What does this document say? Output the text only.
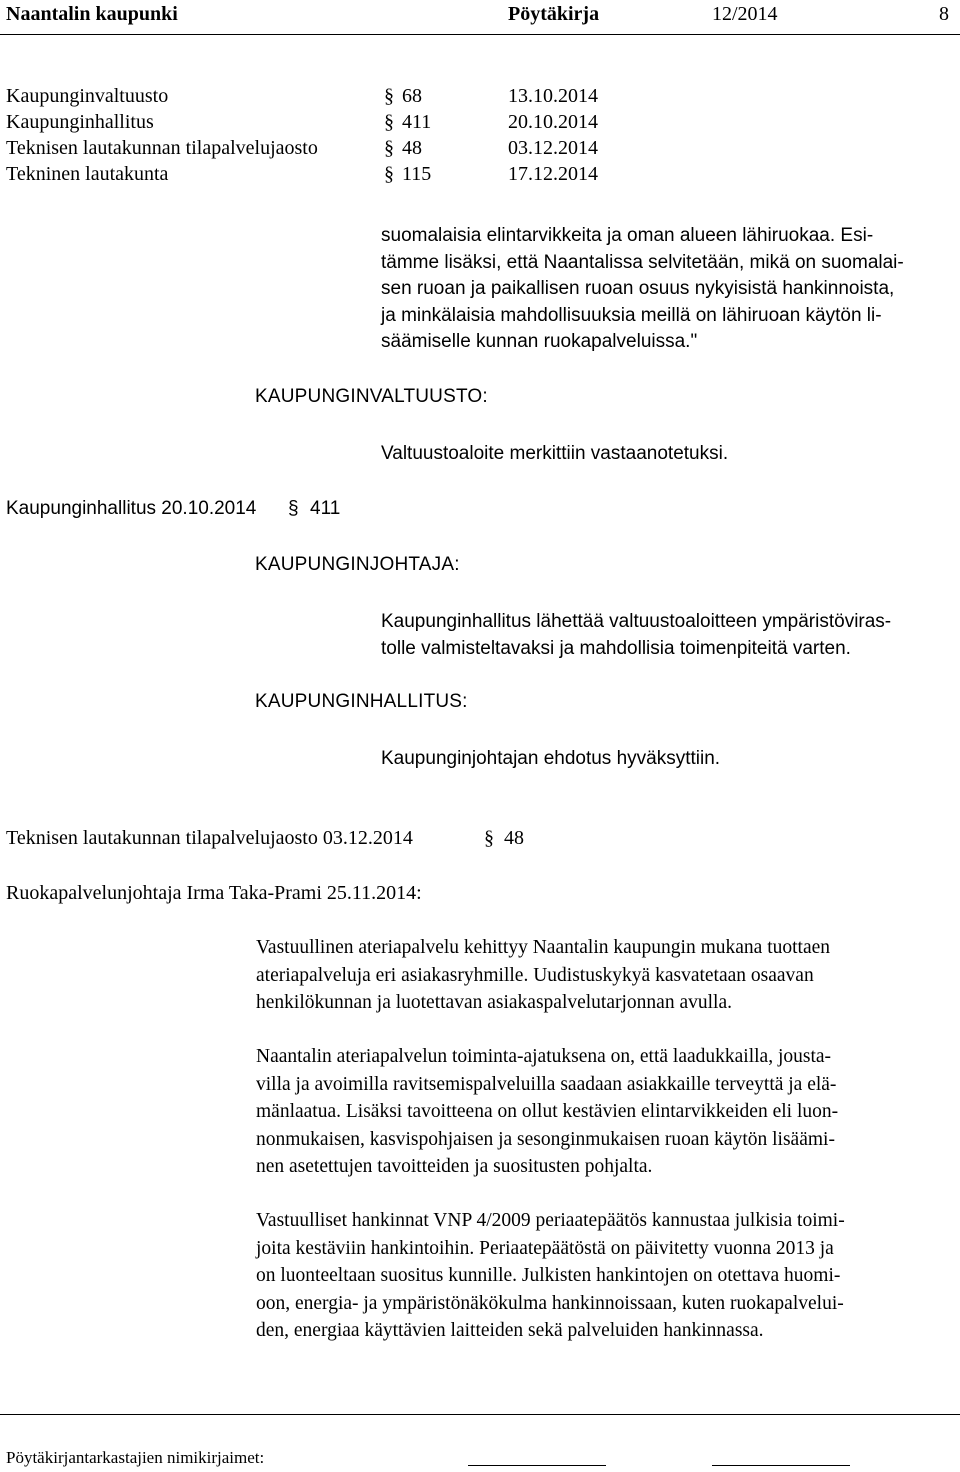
Naantalin kaupunki	Pöytäkirja	12/2014	8
Kaupunginvaltuusto	§ 68	13.10.2014
Kaupunginhallitus	§ 411	20.10.2014
Teknisen lautakunnan tilapalvelujaosto	§ 48	03.12.2014
Tekninen lautakunta	§ 115	17.12.2014
suomalaisia elintarvikkeita ja oman alueen lähiruokaa. Esi-
tämme lisäksi, että Naantalissa selvitetään, mikä on suomalai-
sen ruoan ja paikallisen ruoan osuus nykyisistä hankinnoista,
ja minkälaisia mahdollisuuksia meillä on lähiruoan käytön li-
säämiselle kunnan ruokapalveluissa."
KAUPUNGINVALTUUSTO:
Valtuustoaloite merkittiin vastaanotetuksi.
Kaupunginhallitus 20.10.2014 § 411
KAUPUNGINJOHTAJA:
Kaupunginhallitus lähettää valtuustoaloitteen ympäristöviras-
tolle valmisteltavaksi ja mahdollisia toimenpiteitä varten.
KAUPUNGINHALLITUS:
Kaupunginjohtajan ehdotus hyväksyttiin.
Teknisen lautakunnan tilapalvelujaosto 03.12.2014	§ 48
Ruokapalvelunjohtaja Irma Taka-Prami 25.11.2014:
Vastuullinen ateriapalvelu kehittyy Naantalin kaupungin mukana tuottaen
ateriapalveluja eri asiakasryhmille. Uudistuskykyä kasvatetaan osaavan
henkilökunnan ja luotettavan asiakaspalvelutarjonnan avulla.
Naantalin ateriapalvelun toiminta-ajatuksena on, että laadukkailla, jousta-
villa ja avoimilla ravitsemispalveluilla saadaan asiakkaille terveyttä ja elä-
mänlaatua. Lisäksi tavoitteena on ollut kestävien elintarvikkeiden eli luon-
nonmukaisen, kasvispohjaisen ja sesonginmukaisen ruoan käytön lisäämi-
nen asetettujen tavoitteiden ja suositusten pohjalta.
Vastuulliset hankinnat VNP 4/2009 periaatepäätös kannustaa julkisia toimi-
joita kestäviin hankintoihin. Periaatepäätöstä on päivitetty vuonna 2013 ja
on luonteeltaan suositus kunnille. Julkisten hankintojen on otettava huomi-
oon, energia- ja ympäristönäkökulma hankinnoissaan, kuten ruokapalvelui-
den, energiaa käyttävien laitteiden sekä palveluiden hankinnassa.
Pöytäkirjantarkastajien nimikirjaimet:
